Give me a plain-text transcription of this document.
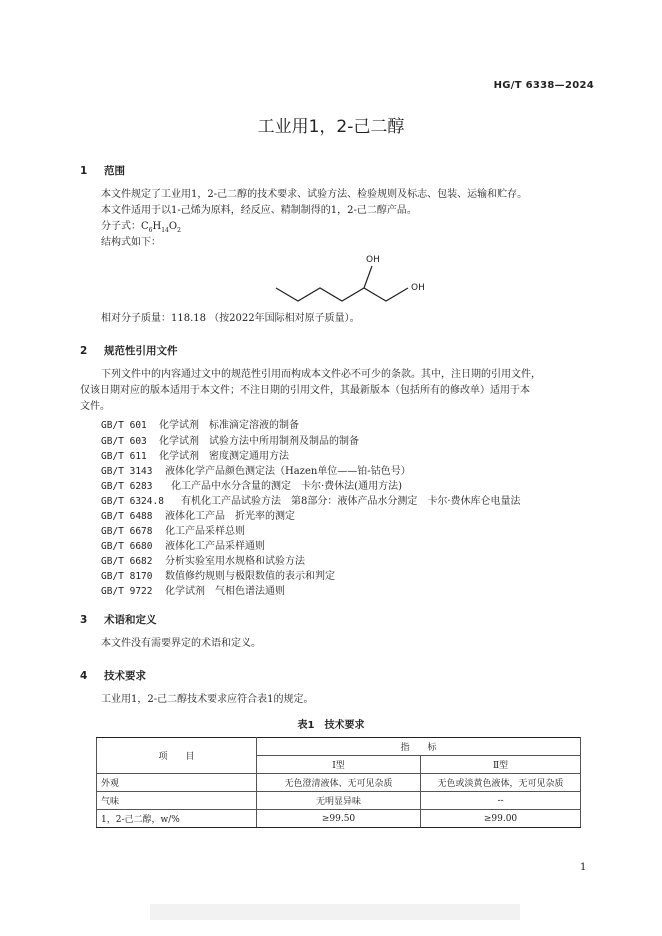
HG/T 6338—2024
工业用1，2-己二醇
1 范围
本文件规定了工业用1，2-己二醇的技术要求、试验方法、检验规则及标志、包装、运输和贮存。
本文件适用于以1-己烯为原料，经反应、精制制得的1，2-己二醇产品。
分子式：$C_6H_{14}O_2$
结构式如下：
OH
OH
相对分子质量：118.18 （按2022年国际相对原子质量）。
2 规范性引用文件
下列文件中的内容通过文中的规范性引用而构成本文件必不可少的条款。其中，注日期的引用文件，
仅该日期对应的版本适用于本文件；不注日期的引用文件，其最新版本（包括所有的修改单）适用于本
文件。
GB/T 601 化学试剂　标准滴定溶液的制备
GB/T 603 化学试剂　试验方法中所用制剂及制品的制备
GB/T 611 化学试剂　密度测定通用方法
GB/T 3143 液体化学产品颜色测定法（Hazen单位——铂-钴色号）
GB/T 6283 化工产品中水分含量的测定　卡尔·费休法(通用方法)
GB/T 6324.8 有机化工产品试验方法　第8部分：液体产品水分测定　卡尔·费休库仑电量法
GB/T 6488 液体化工产品　折光率的测定
GB/T 6678 化工产品采样总则
GB/T 6680 液体化工产品采样通则
GB/T 6682 分析实验室用水规格和试验方法
GB/T 8170 数值修约规则与极限数值的表示和判定
GB/T 9722 化学试剂　气相色谱法通则
3 术语和定义
本文件没有需要界定的术语和定义。
4 技术要求
工业用1，2-己二醇技术要求应符合表1的规定。
表1　技术要求
项　　目	指　　标	
	Ⅰ型	Ⅱ型
外观	无色澄清液体、无可见杂质	无色或淡黄色液体，无可见杂质
气味	无明显异味	--
1，2-己二醇，w/%	≥99.50	≥99.00
1
